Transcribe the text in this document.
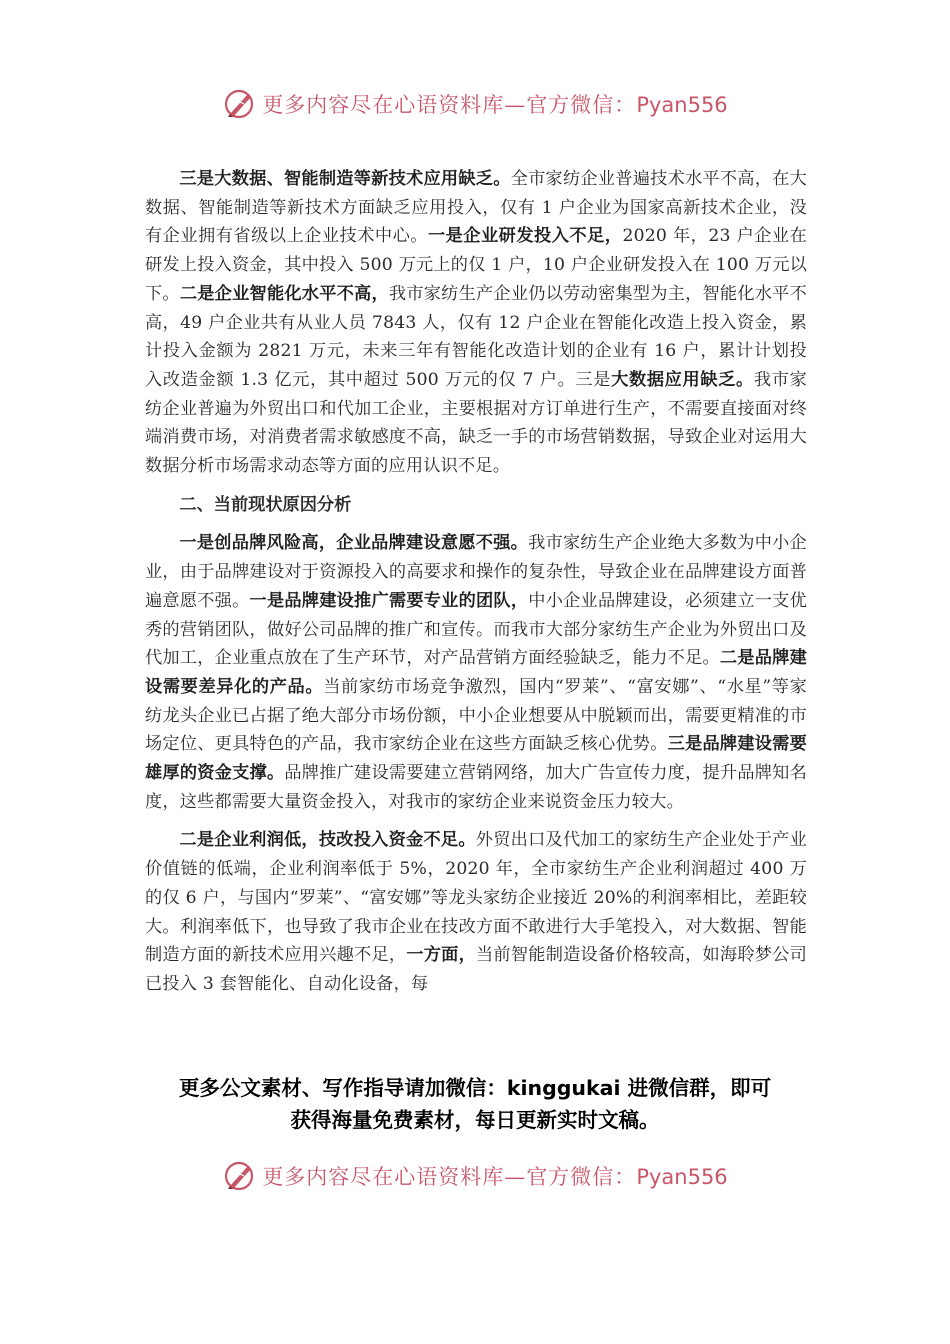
更多内容尽在心语资料库—官方微信：Pyan556

三是大数据、智能制造等新技术应用缺乏。全市家纺企业普遍技术水平不高，在大数据、智能制造等新技术方面缺乏应用投入，仅有 1 户企业为国家高新技术企业，没有企业拥有省级以上企业技术中心。一是企业研发投入不足，2020 年，23 户企业在研发上投入资金，其中投入 500 万元上的仅 1 户，10 户企业研发投入在 100 万元以下。二是企业智能化水平不高，我市家纺生产企业仍以劳动密集型为主，智能化水平不高，49 户企业共有从业人员 7843 人，仅有 12 户企业在智能化改造上投入资金，累计投入金额为 2821 万元，未来三年有智能化改造计划的企业有 16 户，累计计划投入改造金额 1.3 亿元，其中超过 500 万元的仅 7 户。三是大数据应用缺乏。我市家纺企业普遍为外贸出口和代加工企业，主要根据对方订单进行生产，不需要直接面对终端消费市场，对消费者需求敏感度不高，缺乏一手的市场营销数据，导致企业对运用大数据分析市场需求动态等方面的应用认识不足。

二、当前现状原因分析

一是创品牌风险高，企业品牌建设意愿不强。我市家纺生产企业绝大多数为中小企业，由于品牌建设对于资源投入的高要求和操作的复杂性，导致企业在品牌建设方面普遍意愿不强。一是品牌建设推广需要专业的团队，中小企业品牌建设，必须建立一支优秀的营销团队，做好公司品牌的推广和宣传。而我市大部分家纺生产企业为外贸出口及代加工，企业重点放在了生产环节，对产品营销方面经验缺乏，能力不足。二是品牌建设需要差异化的产品。当前家纺市场竞争激烈，国内“罗莱”、“富安娜”、“水星”等家纺龙头企业已占据了绝大部分市场份额，中小企业想要从中脱颖而出，需要更精准的市场定位、更具特色的产品，我市家纺企业在这些方面缺乏核心优势。三是品牌建设需要雄厚的资金支撑。品牌推广建设需要建立营销网络，加大广告宣传力度，提升品牌知名度，这些都需要大量资金投入，对我市的家纺企业来说资金压力较大。

二是企业利润低，技改投入资金不足。外贸出口及代加工的家纺生产企业处于产业价值链的低端，企业利润率低于 5%，2020 年，全市家纺生产企业利润超过 400 万的仅 6 户，与国内“罗莱”、“富安娜”等龙头家纺企业接近 20%的利润率相比，差距较大。利润率低下，也导致了我市企业在技改方面不敢进行大手笔投入，对大数据、智能制造方面的新技术应用兴趣不足，一方面，当前智能制造设备价格较高，如海聆梦公司已投入 3 套智能化、自动化设备，每

更多公文素材、写作指导请加微信：kinggukai 进微信群，即可
获得海量免费素材，每日更新实时文稿。
更多内容尽在心语资料库—官方微信：Pyan556
